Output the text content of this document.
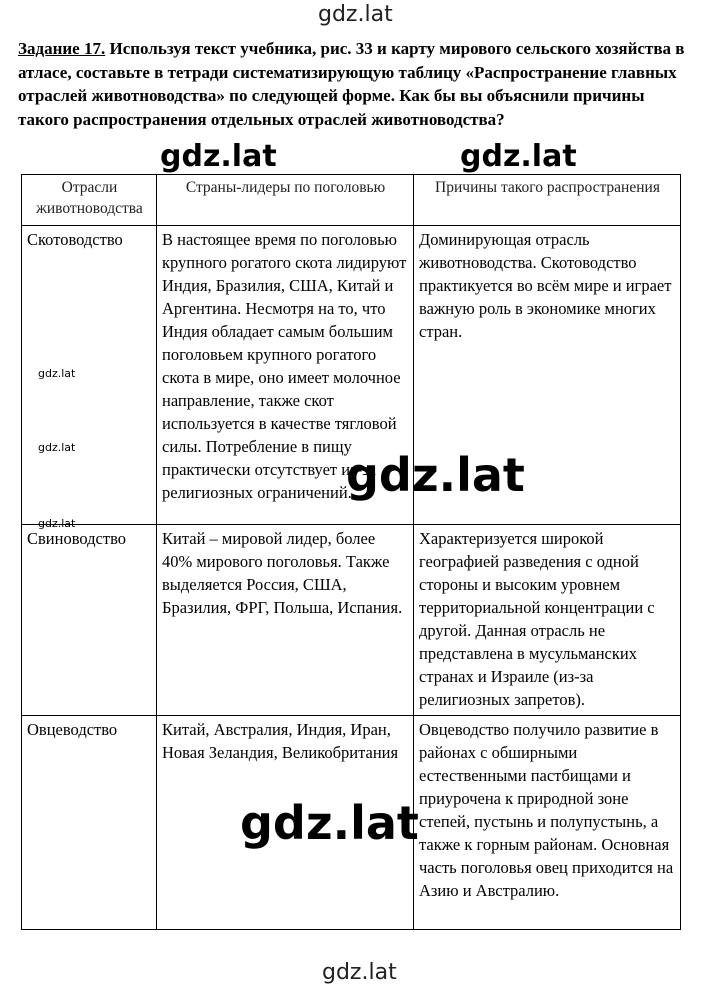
gdz.lat
Задание 17. Используя текст учебника, рис. 33 и карту мирового сельского хозяйства в атласе, составьте в тетради систематизирующую таблицу «Распространение главных отраслей животноводства» по следующей форме. Как бы вы объяснили причины такого распространения отдельных отраслей животноводства?
Отрасли животноводства	Страны-лидеры по поголовью	Причины такого распространения
Скотоводство	В настоящее время по поголовью крупного рогатого скота лидируют Индия, Бразилия, США, Китай и Аргентина. Несмотря на то, что Индия обладает самым большим поголовьем крупного рогатого скота в мире, оно имеет молочное направление, также скот используется в качестве тягловой силы. Потребление в пищу практически отсутствует из-за религиозных ограничений.	Доминирующая отрасль животноводства. Скотоводство практикуется во всём мире и играет важную роль в экономике многих стран.
Свиноводство	Китай – мировой лидер, более 40% мирового поголовья. Также выделяется Россия, США, Бразилия, ФРГ, Польша, Испания.	Характеризуется широкой географией разведения с одной стороны и высоким уровнем территориальной концентрации с другой. Данная отрасль не представлена в мусульманских странах и Израиле (из-за религиозных запретов).
Овцеводство	Китай, Австралия, Индия, Иран, Новая Зеландия, Великобритания	Овцеводство получило развитие в районах с обширными естественными пастбищами и приурочена к природной зоне степей, пустынь и полупустынь, а также к горным районам. Основная часть поголовья овец приходится на Азию и Австралию.
gdz.lat	gdz.lat
gdz.lat
gdz.lat
gdz.lat
gdz.lat
gdz.lat
gdz.lat
